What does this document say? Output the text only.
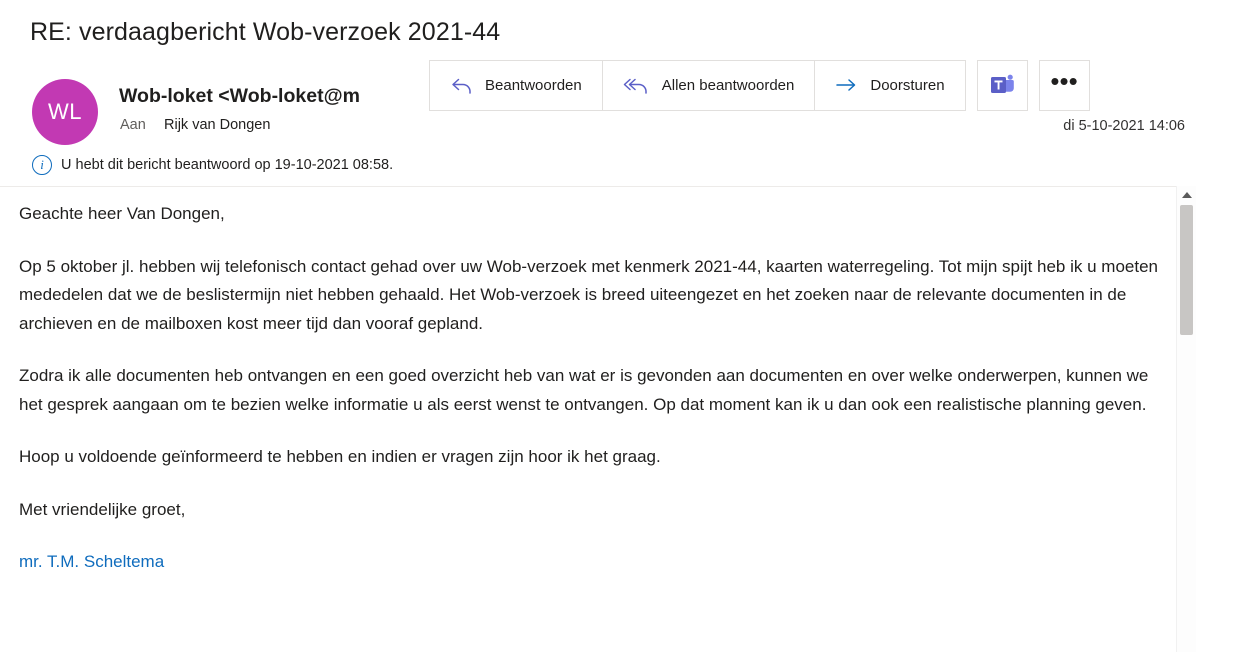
RE: verdaagbericht Wob-verzoek 2021-44
WL
Wob-loket <Wob-loket@m
Aan Rijk van Dongen	di 5-10-2021 14:06
Beantwoorden	Allen beantwoorden	Doorsturen	•••
i	U hebt dit bericht beantwoord op 19-10-2021 08:58.

Geachte heer Van Dongen,

Op 5 oktober jl. hebben wij telefonisch contact gehad over uw Wob-verzoek met kenmerk 2021-44, kaarten waterregeling. Tot mijn spijt heb ik u moeten mededelen dat we de beslistermijn niet hebben gehaald. Het Wob-verzoek is breed uiteengezet en het zoeken naar de relevante documenten in de archieven en de mailboxen kost meer tijd dan vooraf gepland.

Zodra ik alle documenten heb ontvangen en een goed overzicht heb van wat er is gevonden aan documenten en over welke onderwerpen, kunnen we het gesprek aangaan om te bezien welke informatie u als eerst wenst te ontvangen. Op dat moment kan ik u dan ook een realistische planning geven.

Hoop u voldoende geïnformeerd te hebben en indien er vragen zijn hoor ik het graag.

Met vriendelijke groet,

mr. T.M. Scheltema
